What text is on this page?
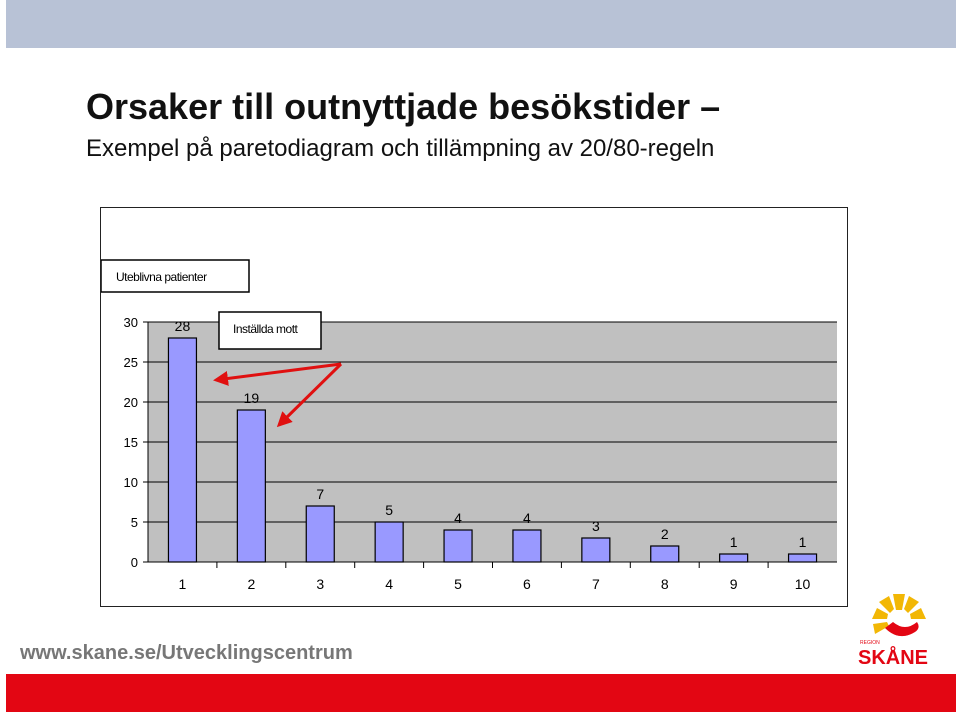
Orsaker till outnyttjade besökstider –
Exempel på paretodiagram och tillämpning av 20/80-regeln
0
5
10
15
20
25
30	28
19
7
5	4	4	3	2	1	1
1	2	3	4	5	6	7	8	9	10
Uteblivna patienter
Inställda mott
www.skane.se/Utvecklingscentrum	REGION
SKÅNE
